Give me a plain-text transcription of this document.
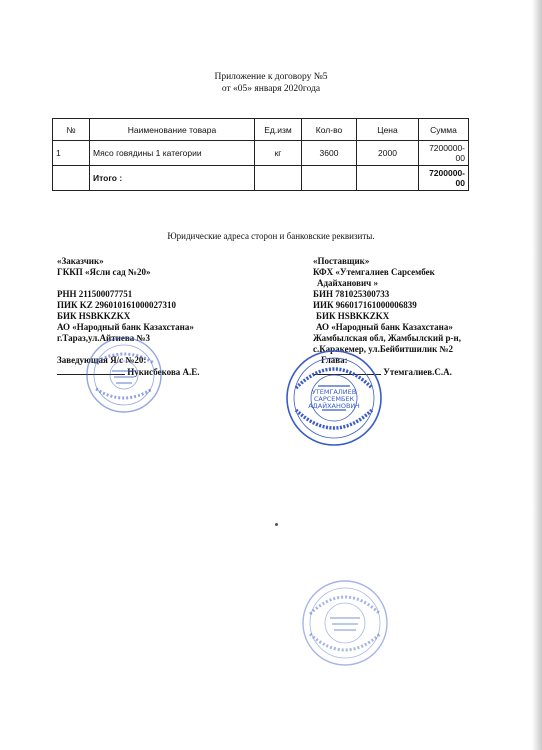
Приложение к договору №5
от «05» января 2020года
№	Наименование товара	Ед.изм	Кол-во	Цена	Сумма
1	Мясо говядины 1 категории	кг	3600	2000	7200000-00
	Итого :				7200000-00
Юридические адреса сторон и банковские реквизиты.
«Заказчик»
ГККП «Ясли сад №20»
РНН 211500077751
ПИК KZ 296010161000027310
БИК HSBKKZKX
АО «Народный банк Казахстана»
г.Тараз,ул.Айтиева №3
Заведующая Я/с №20:
Нукисбекова А.Е.
«Поставщик»
КФХ «Утемгалиев Сарсембек
Адайханович »
БИН 781025300733
ИИК 966017161000006839
БИК HSBKKZKX
АО «Народный банк Казахстана»
Жамбылская обл, Жамбылский р-н,
с.Каракемер, ул.Бейбитшилик №2
Глава:
Утемгалиев.С.А.
УТЕМГАЛИЕВ
САРСЕМБЕК
АДАЙХАНОВИЧ
